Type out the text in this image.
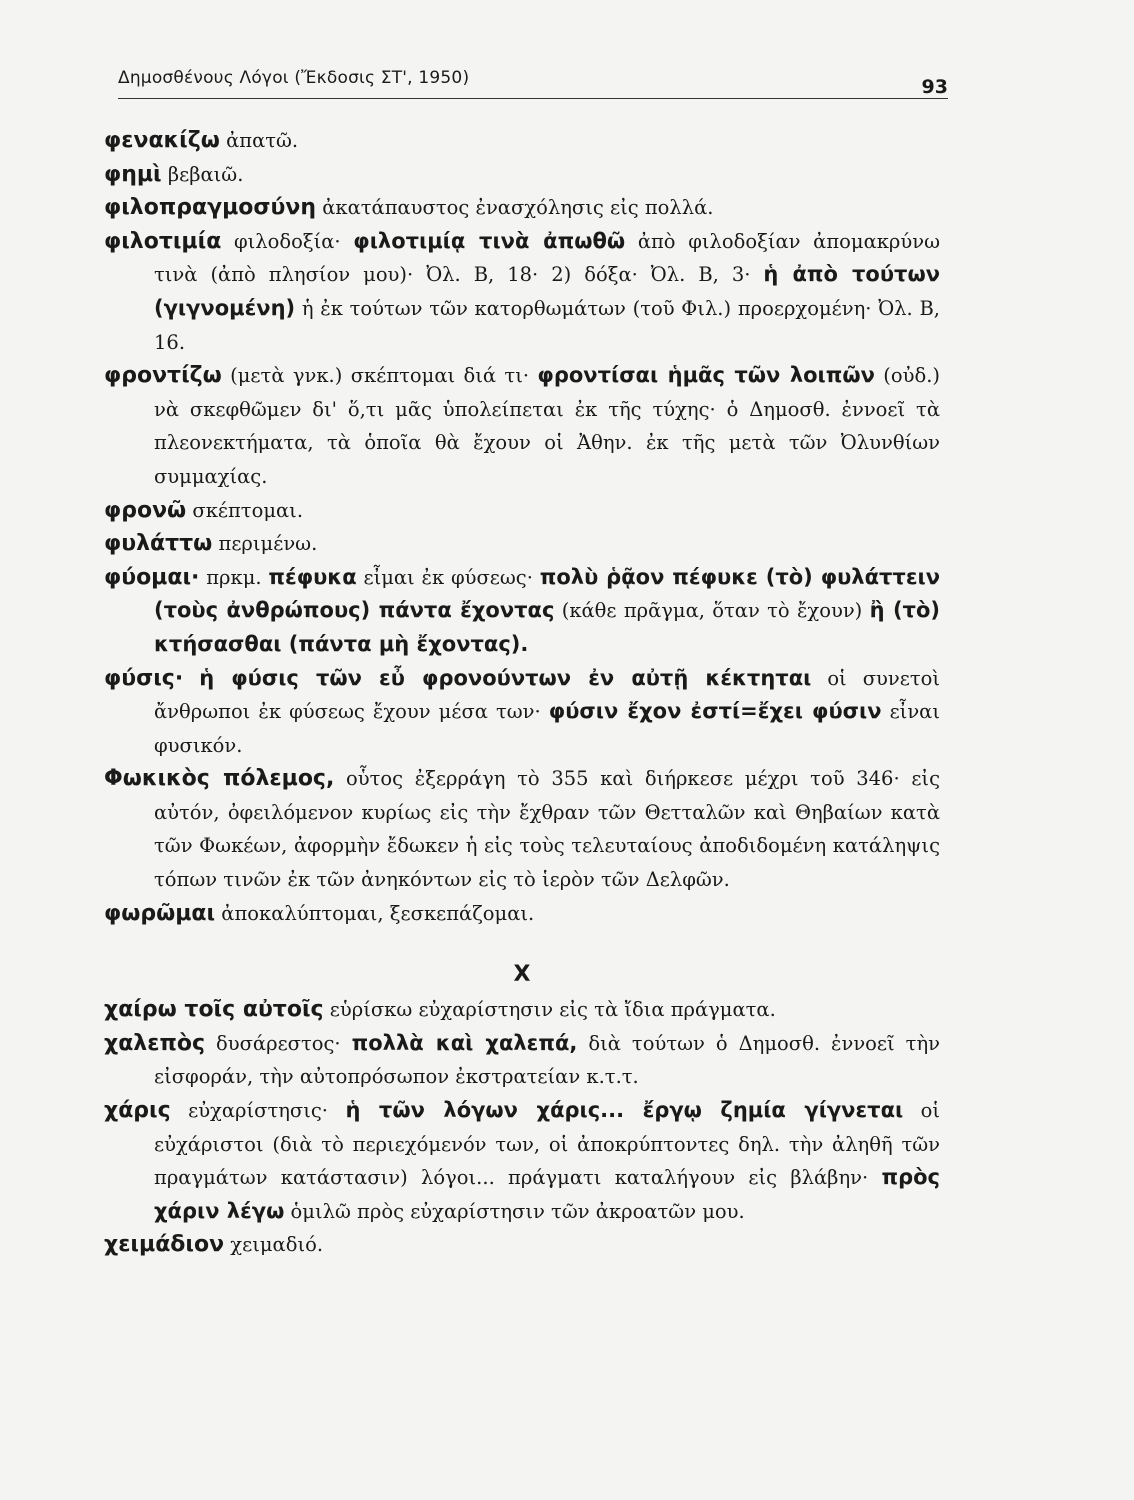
Δημοσθένους Λόγοι (Ἔκδοσις ΣΤ', 1950)	93
φενακίζω ἀπατῶ.
φημὶ βεβαιῶ.
φιλοπραγμοσύνη ἀκατάπαυστος ἐνασχόλησις εἰς πολλά.
φιλοτιμία φιλοδοξία· φιλοτιμίᾳ τινὰ ἀπωθῶ ἀπὸ φιλοδοξίαν ἀπομακρύνω τινὰ (ἀπὸ πλησίον μου)· Ὀλ. Β, 18· 2) δόξα· Ὀλ. Β, 3· ἡ ἀπὸ τούτων (γιγνομένη) ἡ ἐκ τούτων τῶν κατορθωμάτων (τοῦ Φιλ.) προερχομένη· Ὀλ. Β, 16.
φροντίζω (μετὰ γνκ.) σκέπτομαι διά τι· φροντίσαι ἡμᾶς τῶν λοιπῶν (οὐδ.) νὰ σκεφθῶμεν δι' ὅ,τι μᾶς ὑπολείπεται ἐκ τῆς τύχης· ὁ Δημοσθ. ἐννοεῖ τὰ πλεονεκτήματα, τὰ ὁποῖα θὰ ἔχουν οἱ Ἀθην. ἐκ τῆς μετὰ τῶν Ὀλυνθίων συμμαχίας.
φρονῶ σκέπτομαι.
φυλάττω περιμένω.
φύομαι· πρκμ. πέφυκα εἶμαι ἐκ φύσεως· πολὺ ῥᾷον πέφυκε (τὸ) φυλάττειν (τοὺς ἀνθρώπους) πάντα ἔχοντας (κάθε πρᾶγμα, ὅταν τὸ ἔχουν) ἢ (τὸ) κτήσασθαι (πάντα μὴ ἔχοντας).
φύσις· ἡ φύσις τῶν εὖ φρονούντων ἐν αὐτῇ κέκτηται οἱ συνετοὶ ἄνθρωποι ἐκ φύσεως ἔχουν μέσα των· φύσιν ἔχον ἐστί=ἔχει φύσιν εἶναι φυσικόν.
Φωκικὸς πόλεμος, οὗτος ἐξερράγη τὸ 355 καὶ διήρκεσε μέχρι τοῦ 346· εἰς αὐτόν, ὀφειλόμενον κυρίως εἰς τὴν ἔχθραν τῶν Θετταλῶν καὶ Θηβαίων κατὰ τῶν Φωκέων, ἀφορμὴν ἔδωκεν ἡ εἰς τοὺς τελευταίους ἀποδιδομένη κατάληψις τόπων τινῶν ἐκ τῶν ἀνηκόντων εἰς τὸ ἱερὸν τῶν Δελφῶν.
φωρῶμαι ἀποκαλύπτομαι, ξεσκεπάζομαι.
Χ
χαίρω τοῖς αὐτοῖς εὑρίσκω εὐχαρίστησιν εἰς τὰ ἴδια πράγματα.
χαλεπὸς δυσάρεστος· πολλὰ καὶ χαλεπά, διὰ τούτων ὁ Δημοσθ. ἐννοεῖ τὴν εἰσφοράν, τὴν αὐτοπρόσωπον ἐκστρατείαν κ.τ.τ.
χάρις εὐχαρίστησις· ἡ τῶν λόγων χάρις... ἔργῳ ζημία γίγνεται οἱ εὐχάριστοι (διὰ τὸ περιεχόμενόν των, οἱ ἀποκρύπτοντες δηλ. τὴν ἀληθῆ τῶν πραγμάτων κατάστασιν) λόγοι... πράγματι καταλήγουν εἰς βλάβην· πρὸς χάριν λέγω ὁμιλῶ πρὸς εὐχαρίστησιν τῶν ἀκροατῶν μου.
χειμάδιον χειμαδιό.
